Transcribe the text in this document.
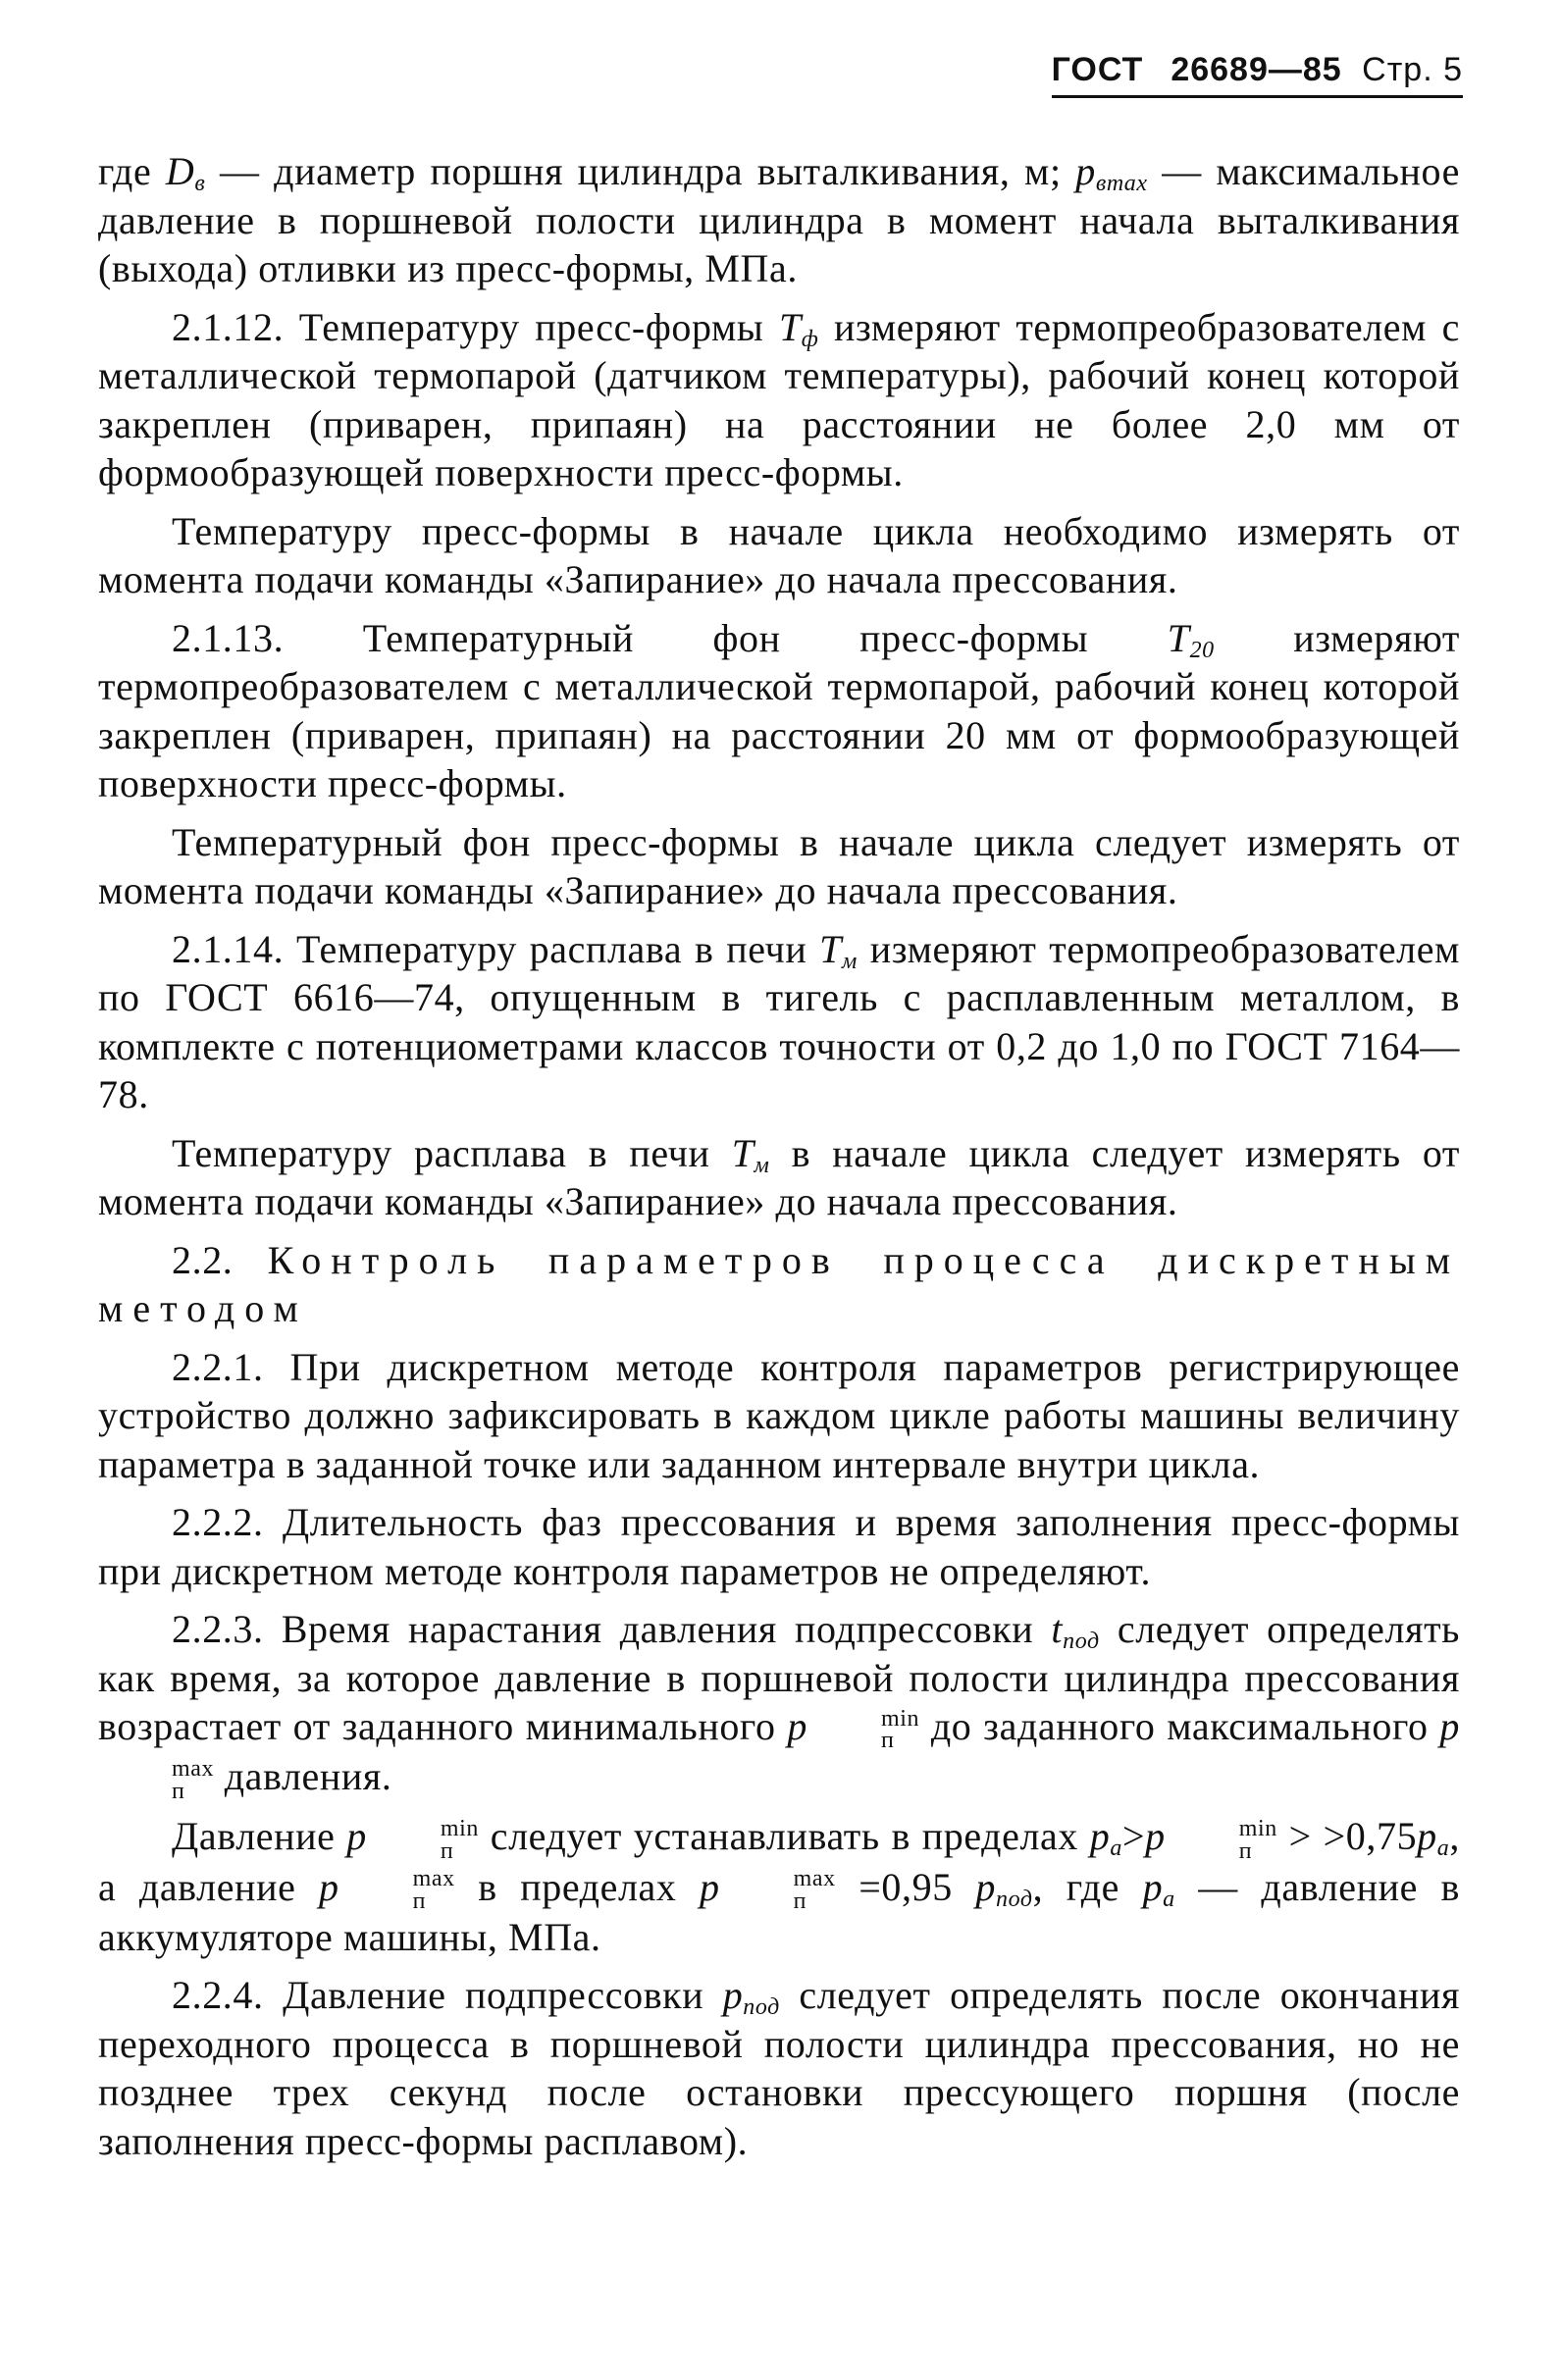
ГОСТ 26689—85 Стр. 5

где $D_в$ — диаметр поршня цилиндра выталкивания, м; $p_{вmax}$ — максимальное давление в поршневой полости цилиндра в момент начала выталкивания (выхода) отливки из пресс-формы, МПа.

2.1.12. Температуру пресс-формы $T_ф$ измеряют термопреобразователем с металлической термопарой (датчиком температуры), рабочий конец которой закреплен (приварен, припаян) на расстоянии не более 2,0 мм от формообразующей поверхности пресс-формы.

Температуру пресс-формы в начале цикла необходимо измерять от момента подачи команды «Запирание» до начала прессования.

2.1.13. Температурный фон пресс-формы $T_{20}$ измеряют термопреобразователем с металлической термопарой, рабочий конец которой закреплен (приварен, припаян) на расстоянии 20 мм от формообразующей поверхности пресс-формы.

Температурный фон пресс-формы в начале цикла следует измерять от момента подачи команды «Запирание» до начала прессования.

2.1.14. Температуру расплава в печи $T_м$ измеряют термопреобразователем по ГОСТ 6616—74, опущенным в тигель с расплавленным металлом, в комплекте с потенциометрами классов точности от 0,2 до 1,0 по ГОСТ 7164—78.

Температуру расплава в печи $T_м$ в начале цикла следует измерять от момента подачи команды «Запирание» до начала прессования.

2.2. Контроль параметров процесса дискретным методом

2.2.1. При дискретном методе контроля параметров регистрирующее устройство должно зафиксировать в каждом цикле работы машины величину параметра в заданной точке или заданном интервале внутри цикла.

2.2.2. Длительность фаз прессования и время заполнения пресс-формы при дискретном методе контроля параметров не определяют.

2.2.3. Время нарастания давления подпрессовки $t_{под}$ следует определять как время, за которое давление в поршневой полости цилиндра прессования возрастает от заданного минимального p	min
п до заданного максимального p
max
п давления.

Давление p	min
п следует устанавливать в пределах $p_а>p$	min
$п > >0,75p_а$, а давление p	max
п в пределах p	max
п =0,95 $p_{под}$, где $p_а$ — давление в аккумуляторе машины, МПа.

2.2.4. Давление подпрессовки $p_{под}$ следует определять после окончания переходного процесса в поршневой полости цилиндра прессования, но не позднее трех секунд после остановки прессующего поршня (после заполнения пресс-формы расплавом).
